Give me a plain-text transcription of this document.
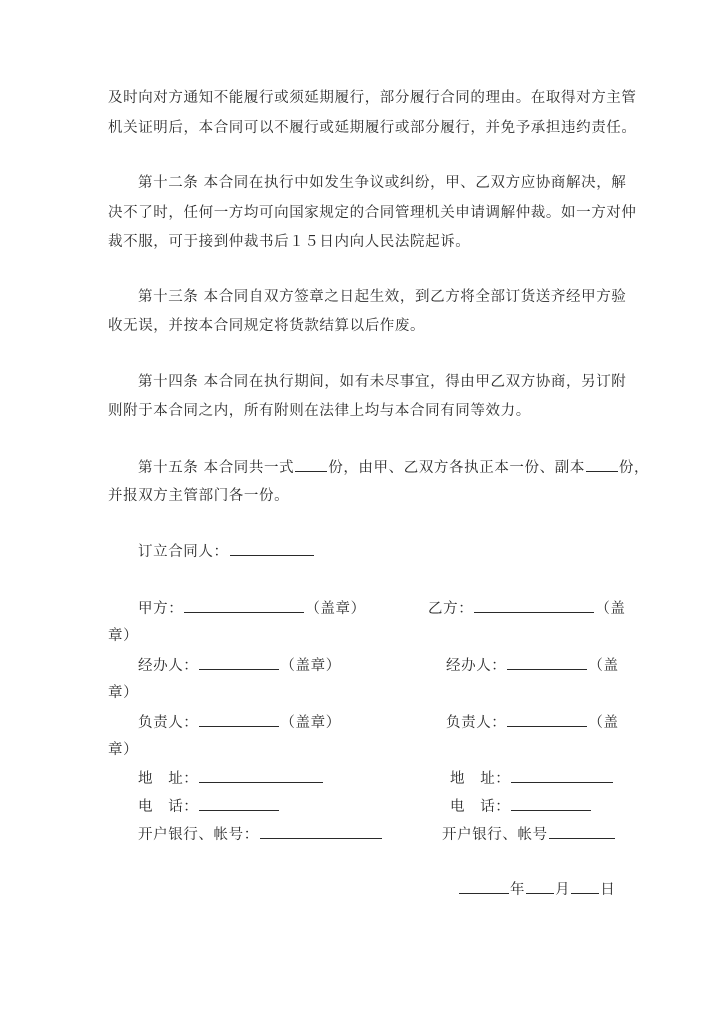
及时向对方通知不能履行或须延期履行，部分履行合同的理由。在取得对方主管
机关证明后，本合同可以不履行或延期履行或部分履行，并免予承担违约责任。
第十二条 本合同在执行中如发生争议或纠纷，甲、乙双方应协商解决，解
决不了时，任何一方均可向国家规定的合同管理机关申请调解仲裁。如一方对仲
裁不服，可于接到仲裁书后１５日内向人民法院起诉。
第十三条 本合同自双方签章之日起生效，到乙方将全部订货送齐经甲方验
收无误，并按本合同规定将货款结算以后作废。
第十四条 本合同在执行期间，如有未尽事宜，得由甲乙双方协商，另订附
则附于本合同之内，所有附则在法律上均与本合同有同等效力。
第十五条 本合同共一式 份，由甲、乙双方各执正本一份、副本 份，
并报双方主管部门各一份。
订立合同人：
甲方：	（盖章）	乙方：	（盖
章）
经办人：	（盖章）	经办人：	（盖
章）
负责人：	（盖章）	负责人：	（盖
章）
地　址：	地　址：
电　话：	电　话：
开户银行、帐号：	开户银行、帐号
年 月 日
